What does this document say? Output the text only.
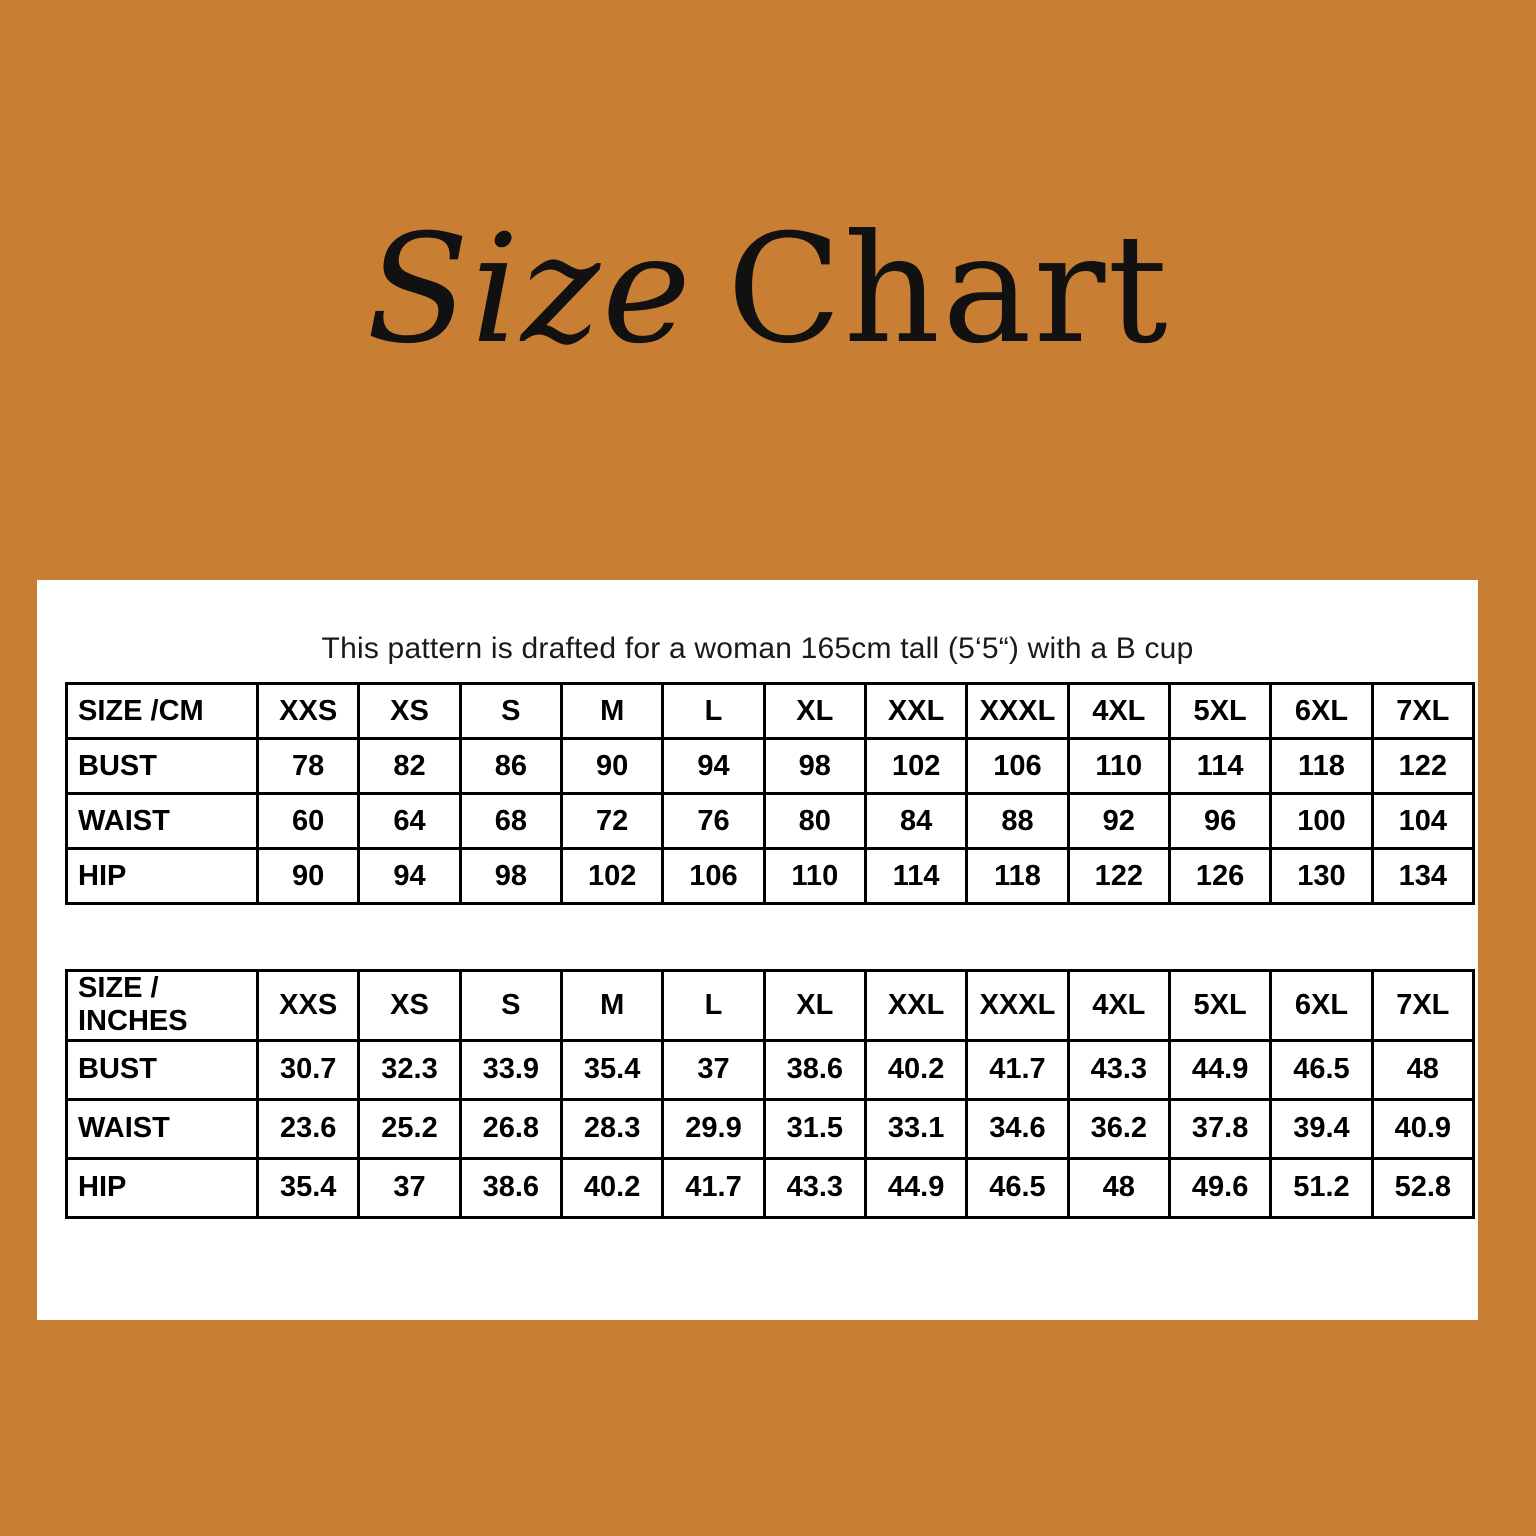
Size Chart
This pattern is drafted for a woman 165cm tall (5‘5“) with a B cup
SIZE /CM	XXS	XS	S	M	L	XL	XXL	XXXL	4XL	5XL	6XL	7XL
BUST	78	82	86	90	94	98	102	106	110	114	118	122
WAIST	60	64	68	72	76	80	84	88	92	96	100	104
HIP	90	94	98	102	106	110	114	118	122	126	130	134
SIZE /
INCHES	XXS	XS	S	M	L	XL	XXL	XXXL	4XL	5XL	6XL	7XL
BUST	30.7	32.3	33.9	35.4	37	38.6	40.2	41.7	43.3	44.9	46.5	48
WAIST	23.6	25.2	26.8	28.3	29.9	31.5	33.1	34.6	36.2	37.8	39.4	40.9
HIP	35.4	37	38.6	40.2	41.7	43.3	44.9	46.5	48	49.6	51.2	52.8
